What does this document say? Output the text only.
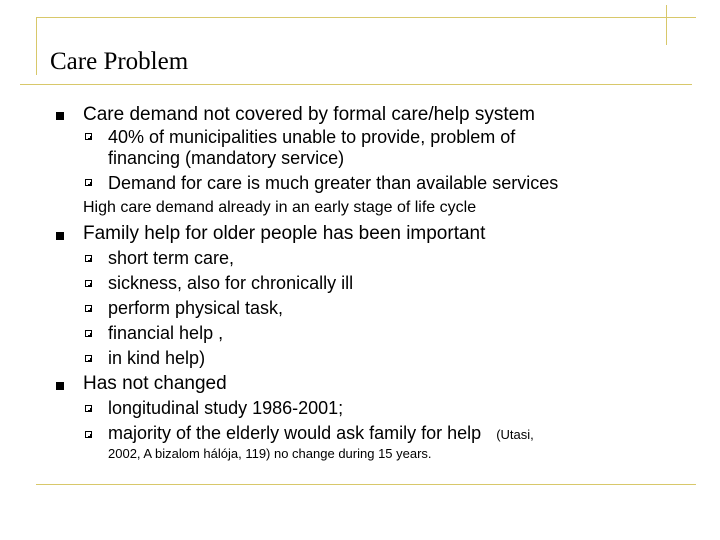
Care Problem
Care demand not covered by formal care/help system
40% of municipalities unable to provide, problem of
financing (mandatory service)
Demand for care is much greater than available services
High care demand already in an early stage of life cycle
Family help for older people has been important
short term care,
sickness, also for chronically ill
perform physical task,
financial help ,
in kind help)
Has not changed
longitudinal study 1986-2001;
majority of the elderly would ask family for help (Utasi,
2002, A bizalom hálója, 119) no change during 15 years.
